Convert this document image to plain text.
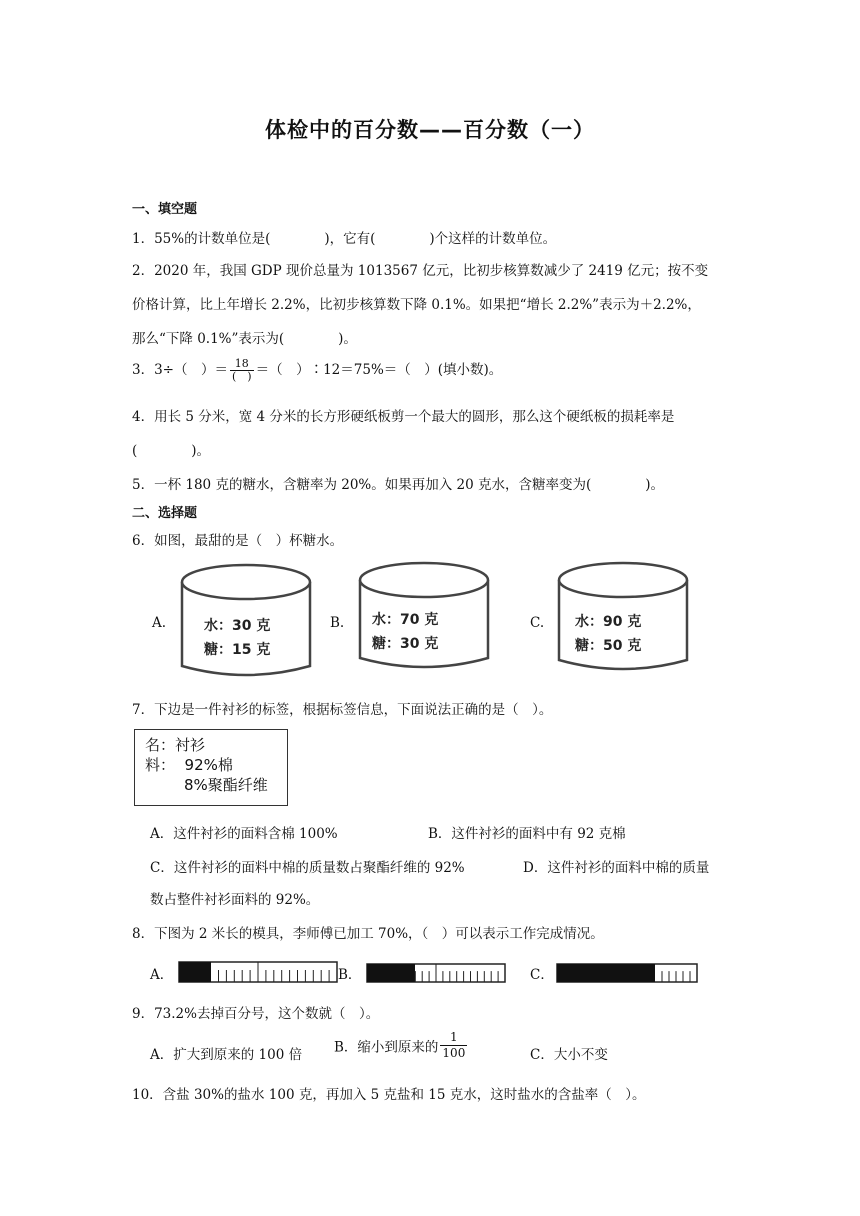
体检中的百分数——百分数（一）
一、填空题
1．55%的计数单位是(　　　　)，它有(　　　　)个这样的计数单位。
2．2020 年，我国 GDP 现价总量为 1013567 亿元，比初步核算数减少了 2419 亿元；按不变
价格计算，比上年增长 2.2%，比初步核算数下降 0.1%。如果把“增长 2.2%”表示为＋2.2%，
那么“下降 0.1%”表示为(　　　　)。
3．3÷（　）＝ $\frac{18}{( )}$ ＝（　）∶12＝75%＝（　）(填小数)。
4．用长 5 分米，宽 4 分米的长方形硬纸板剪一个最大的圆形，那么这个硬纸板的损耗率是
(　　　　)。
5．一杯 180 克的糖水，含糖率为 20%。如果再加入 20 克水，含糖率变为(　　　　)。
二、选择题
6．如图，最甜的是（　）杯糖水。
A.	水：30 克
糖：15 克
B. 水：70 克
糖：30 克
C. 水：90 克
糖：50 克
7．下边是一件衬衫的标签，根据标签信息，下面说法正确的是（　）。
名：衬衫
料：  92%棉
8%聚酯纤维
A．这件衬衫的面料含棉 100%	B．这件衬衫的面料中有 92 克棉
C．这件衬衫的面料中棉的质量数占聚酯纤维的 92%	D．这件衬衫的面料中棉的质量
数占整件衬衫面料的 92%。
8．下图为 2 米长的模具，李师傅已加工 70%，（　）可以表示工作完成情况。
A．	B．	C．
9．73.2%去掉百分号，这个数就（　）。
A．扩大到原来的 100 倍 B．缩小到原来的 $\frac{1}{100}$	C．大小不变
10．含盐 30%的盐水 100 克，再加入 5 克盐和 15 克水，这时盐水的含盐率（　）。
